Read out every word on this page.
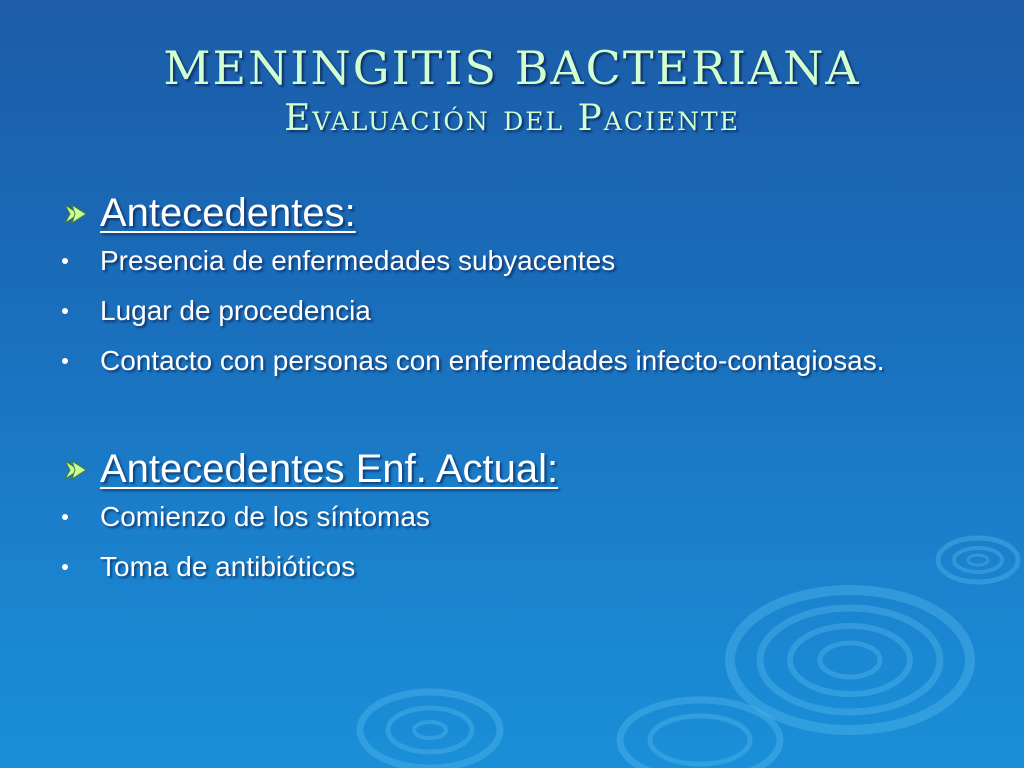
MENINGITIS BACTERIANA
Evaluación del Paciente
Antecedentes:
Presencia de enfermedades subyacentes
Lugar de procedencia
Contacto con personas con enfermedades infecto-contagiosas.
Antecedentes Enf. Actual:
Comienzo de los síntomas
Toma de antibióticos
